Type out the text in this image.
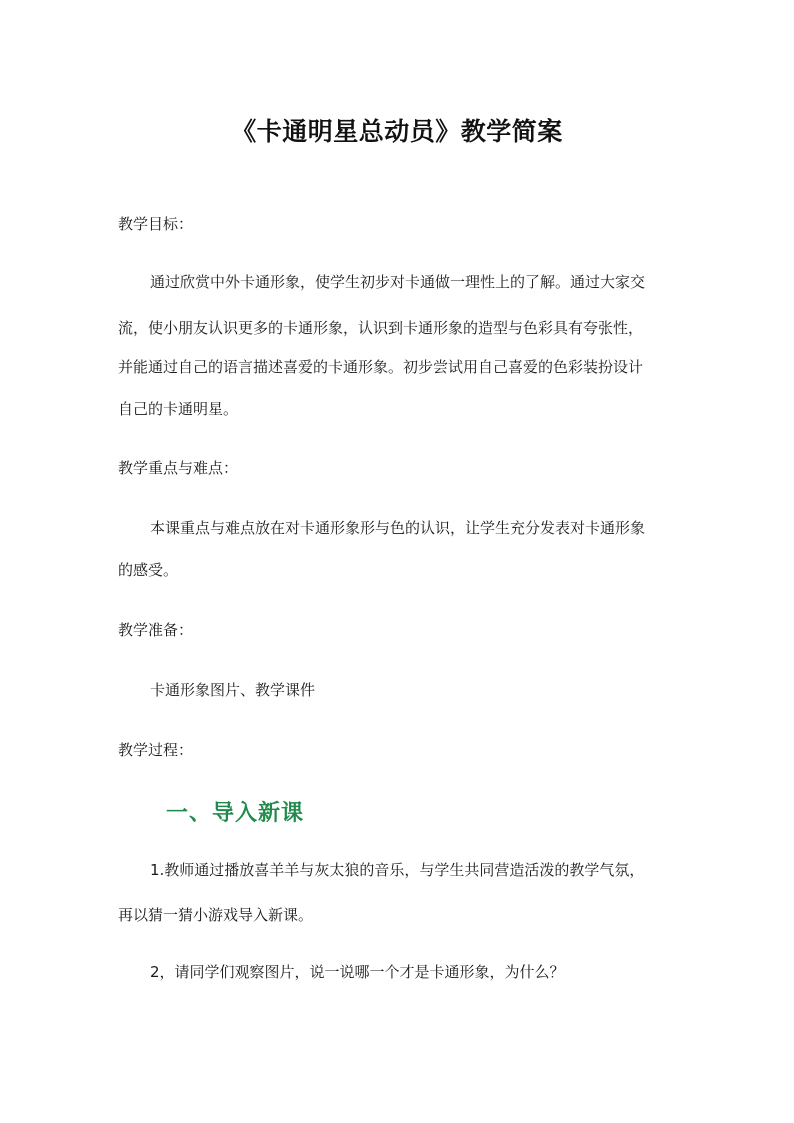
《卡通明星总动员》教学简案
教学目标：
通过欣赏中外卡通形象，使学生初步对卡通做一理性上的了解。通过大家交
流，使小朋友认识更多的卡通形象，认识到卡通形象的造型与色彩具有夸张性，
并能通过自己的语言描述喜爱的卡通形象。初步尝试用自己喜爱的色彩装扮设计
自己的卡通明星。
教学重点与难点：
本课重点与难点放在对卡通形象形与色的认识，让学生充分发表对卡通形象
的感受。
教学准备：
卡通形象图片、教学课件
教学过程：
一、导入新课
1.教师通过播放喜羊羊与灰太狼的音乐，与学生共同营造活泼的教学气氛，
再以猜一猜小游戏导入新课。
2，请同学们观察图片，说一说哪一个才是卡通形象，为什么？
